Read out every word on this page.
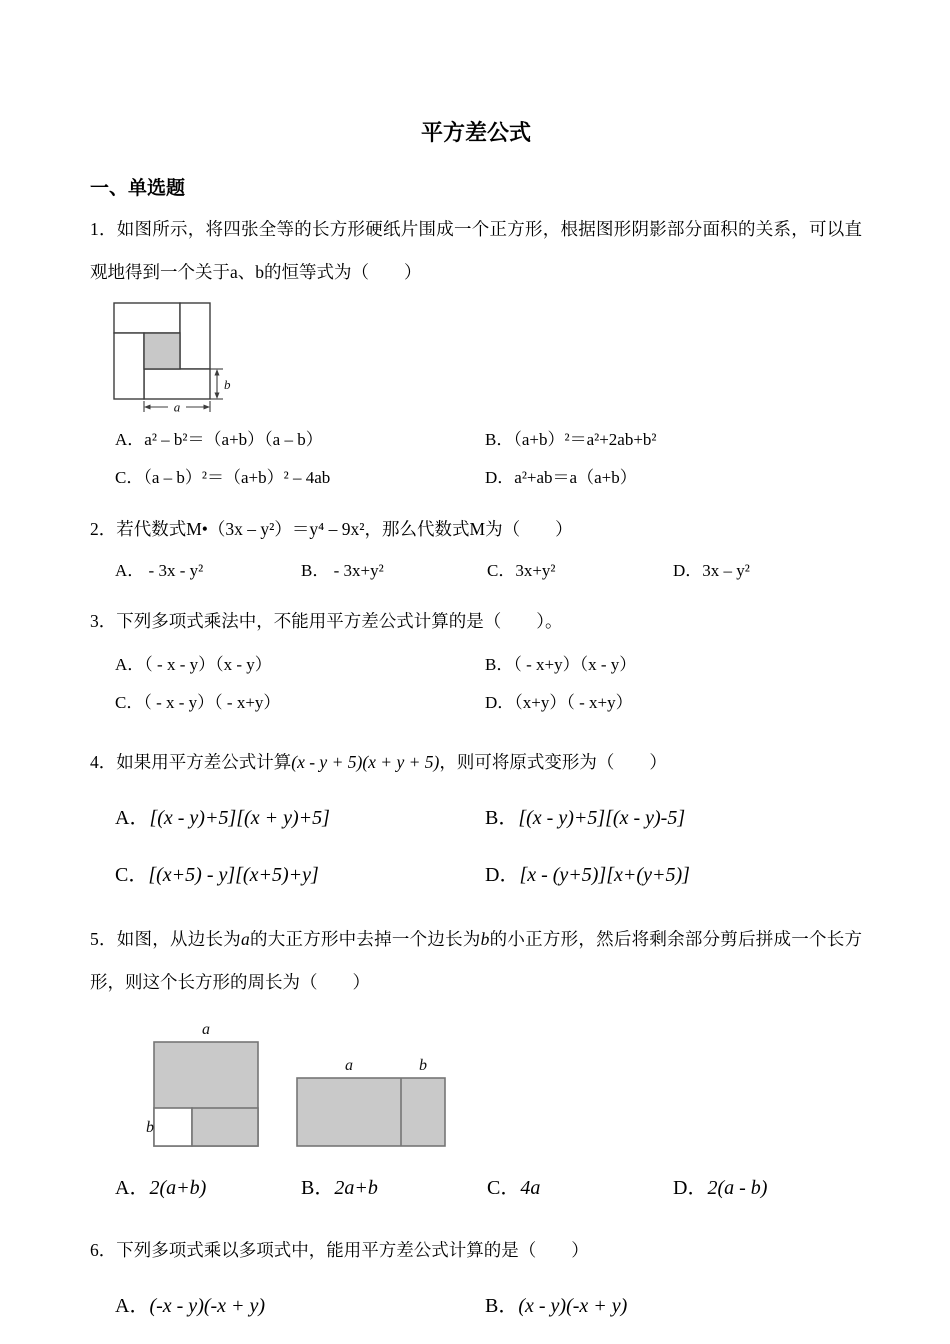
平方差公式
一、单选题
1．如图所示，将四张全等的长方形硬纸片围成一个正方形，根据图形阴影部分面积的关系，可以直观地得到一个关于a、b的恒等式为（　　）
b
a
A．a² – b²＝（a+b）（a – b）	B．（a+b）²＝a²+2ab+b²
C．（a – b）²＝（a+b）² – 4ab	D．a²+ab＝a（a+b）
2．若代数式M•（3x – y²）＝y⁴ – 9x²，那么代数式M为（　　）
A． - 3x - y²	B． - 3x+y²	C．3x+y²	D．3x – y²
3．下列多项式乘法中，不能用平方差公式计算的是（　　）。
A．（ - x - y）（x - y）	B．（ - x+y）（x - y）
C．（ - x - y）（ - x+y）	D．（x+y）（ - x+y）
4．如果用平方差公式计算(x - y + 5)(x + y + 5)，则可将原式变形为（　　）
A．[(x - y)+5][(x + y)+5]	B．[(x - y)+5][(x - y)-5]
C．[(x+5) - y][(x+5)+y]	D．[x - (y+5)][x+(y+5)]
5．如图，从边长为a的大正方形中去掉一个边长为b的小正方形，然后将剩余部分剪后拼成一个长方形，则这个长方形的周长为（　　）
a
b
a	b
A．2(a+b)	B．2a+b	C．4a	D．2(a - b)
6．下列多项式乘以多项式中，能用平方差公式计算的是（　　）
A．(-x - y)(-x + y)	B．(x - y)(-x + y)
